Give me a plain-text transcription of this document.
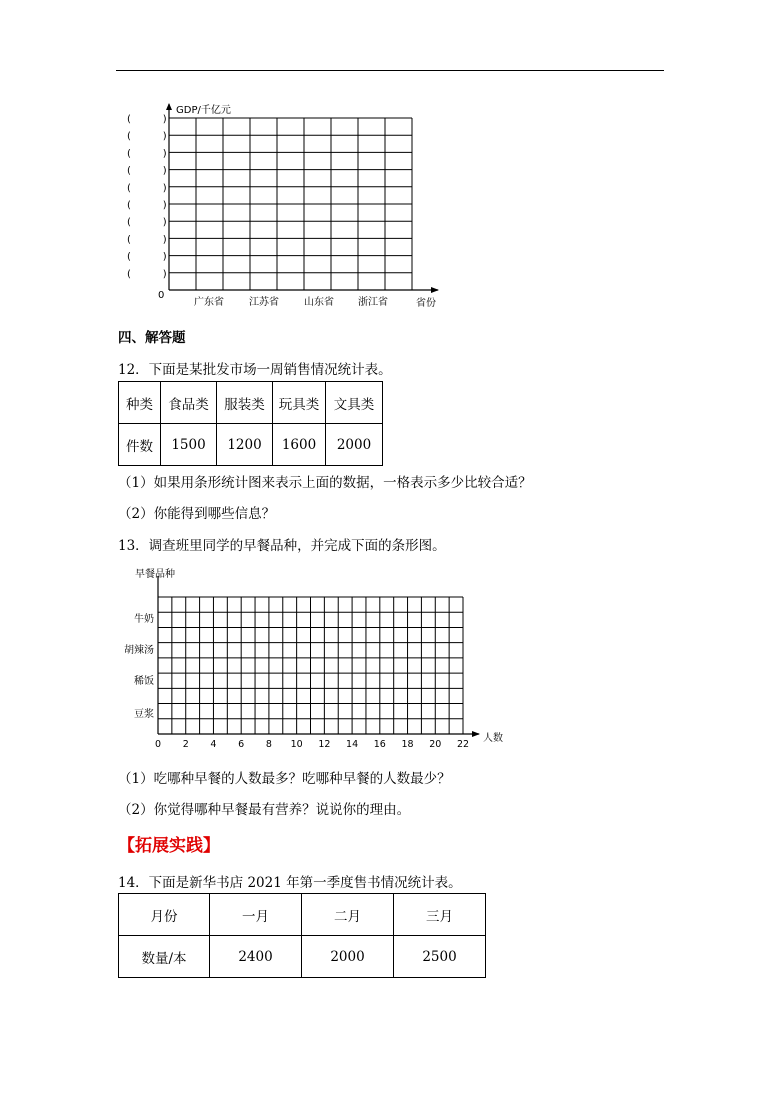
GDP/千亿元
0
省份
(          )
(          )
(          )
(          )
(          )
(          )
(          )
(          )
(          )
(          )
广东省	江苏省	山东省 浙江省
四、解答题
12．下面是某批发市场一周销售情况统计表。
种类	食品类	服装类	玩具类	文具类
件数	1500	1200	1600	2000
（1）如果用条形统计图来表示上面的数据，一格表示多少比较合适？
（2）你能得到哪些信息？
13．调查班里同学的早餐品种，并完成下面的条形图。
早餐品种
人数
牛奶
胡辣汤
稀饭
豆浆
0 2 4 6 8 10 12 14 16 18 20 22
（1）吃哪种早餐的人数最多？吃哪种早餐的人数最少？
（2）你觉得哪种早餐最有营养？说说你的理由。
【拓展实践】
14．下面是新华书店 2021 年第一季度售书情况统计表。
月份	一月	二月	三月
数量/本	2400	2000	2500
